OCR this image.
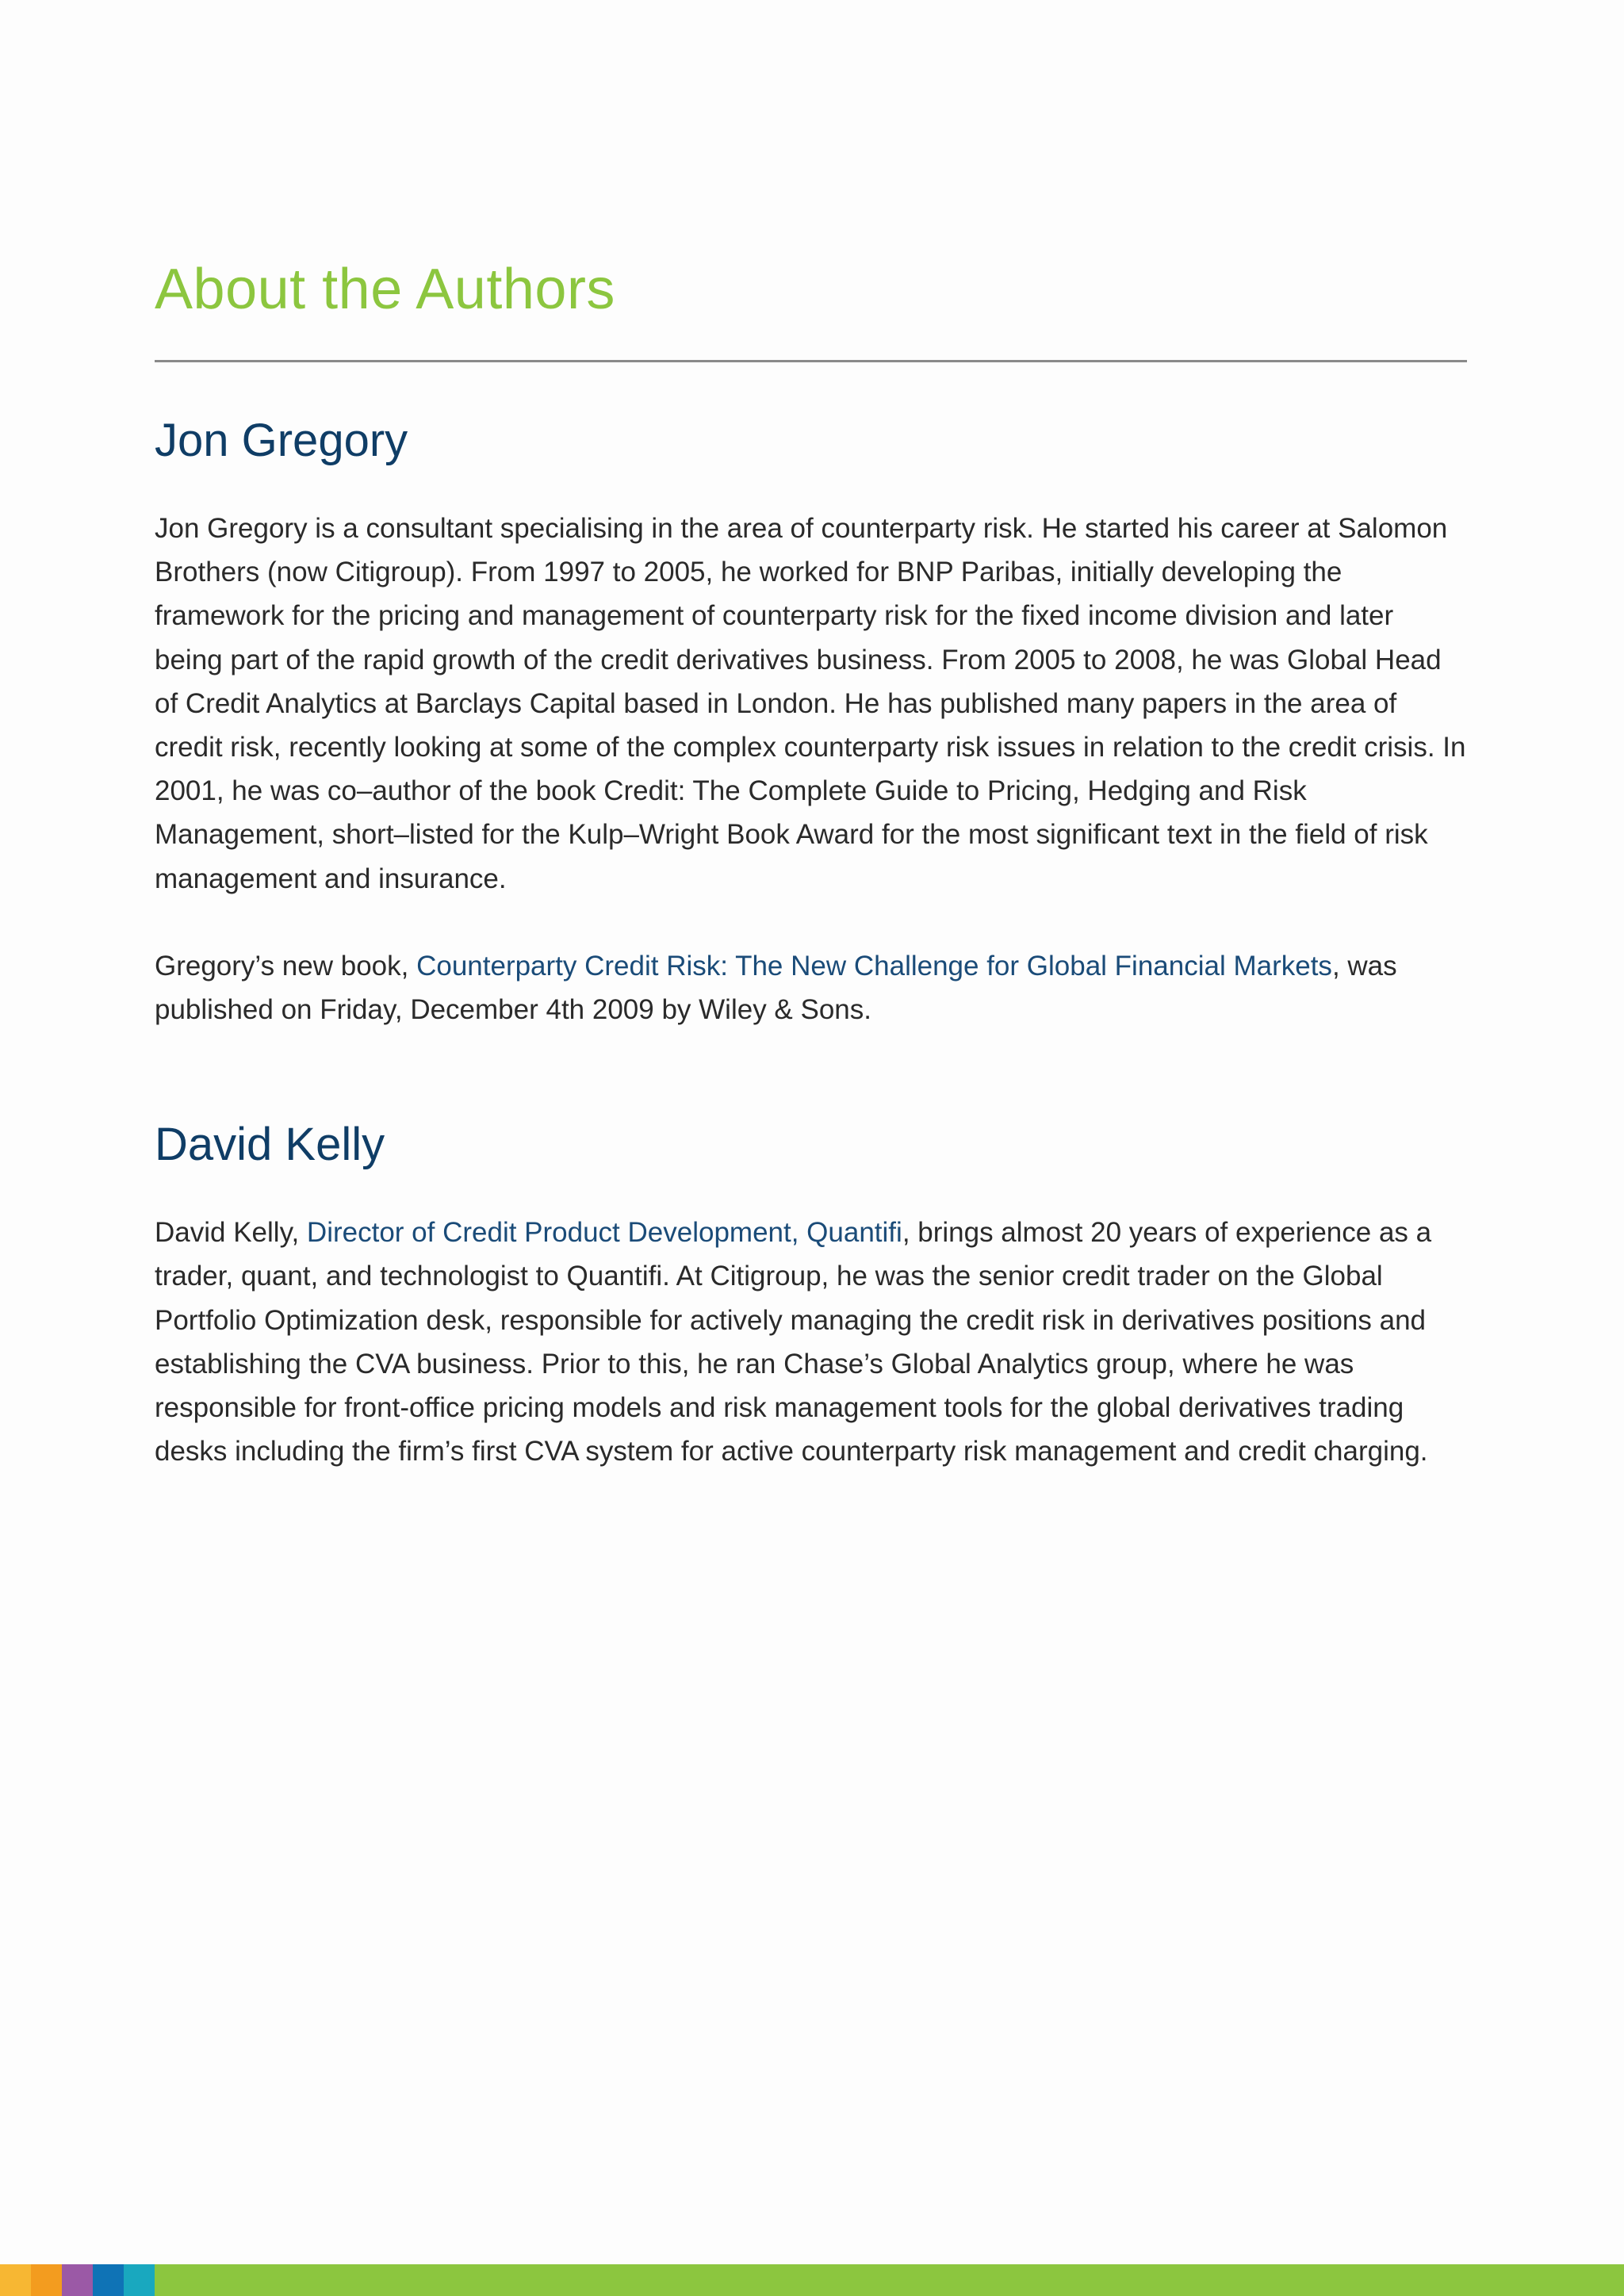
About the Authors
Jon Gregory

Jon Gregory is a consultant specialising in the area of counterparty risk. He started his career at Salomon Brothers (now Citigroup). From 1997 to 2005, he worked for BNP Paribas, initially developing the framework for the pricing and management of counterparty risk for the fixed income division and later being part of the rapid growth of the credit derivatives business. From 2005 to 2008, he was Global Head of Credit Analytics at Barclays Capital based in London. He has published many papers in the area of credit risk, recently looking at some of the complex counterparty risk issues in relation to the credit crisis. In 2001, he was co–author of the book Credit: The Complete Guide to Pricing, Hedging and Risk Management, short–listed for the Kulp–Wright Book Award for the most significant text in the field of risk management and insurance.

Gregory’s new book, Counterparty Credit Risk: The New Challenge for Global Financial Markets, was published on Friday, December 4th 2009 by Wiley & Sons.

David Kelly

David Kelly, Director of Credit Product Development, Quantifi, brings almost 20 years of experience as a trader, quant, and technologist to Quantifi. At Citigroup, he was the senior credit trader on the Global Portfolio Optimization desk, responsible for actively managing the credit risk in derivatives positions and establishing the CVA business. Prior to this, he ran Chase’s Global Analytics group, where he was responsible for front-office pricing models and risk management tools for the global derivatives trading desks including the firm’s first CVA system for active counterparty risk management and credit charging.
